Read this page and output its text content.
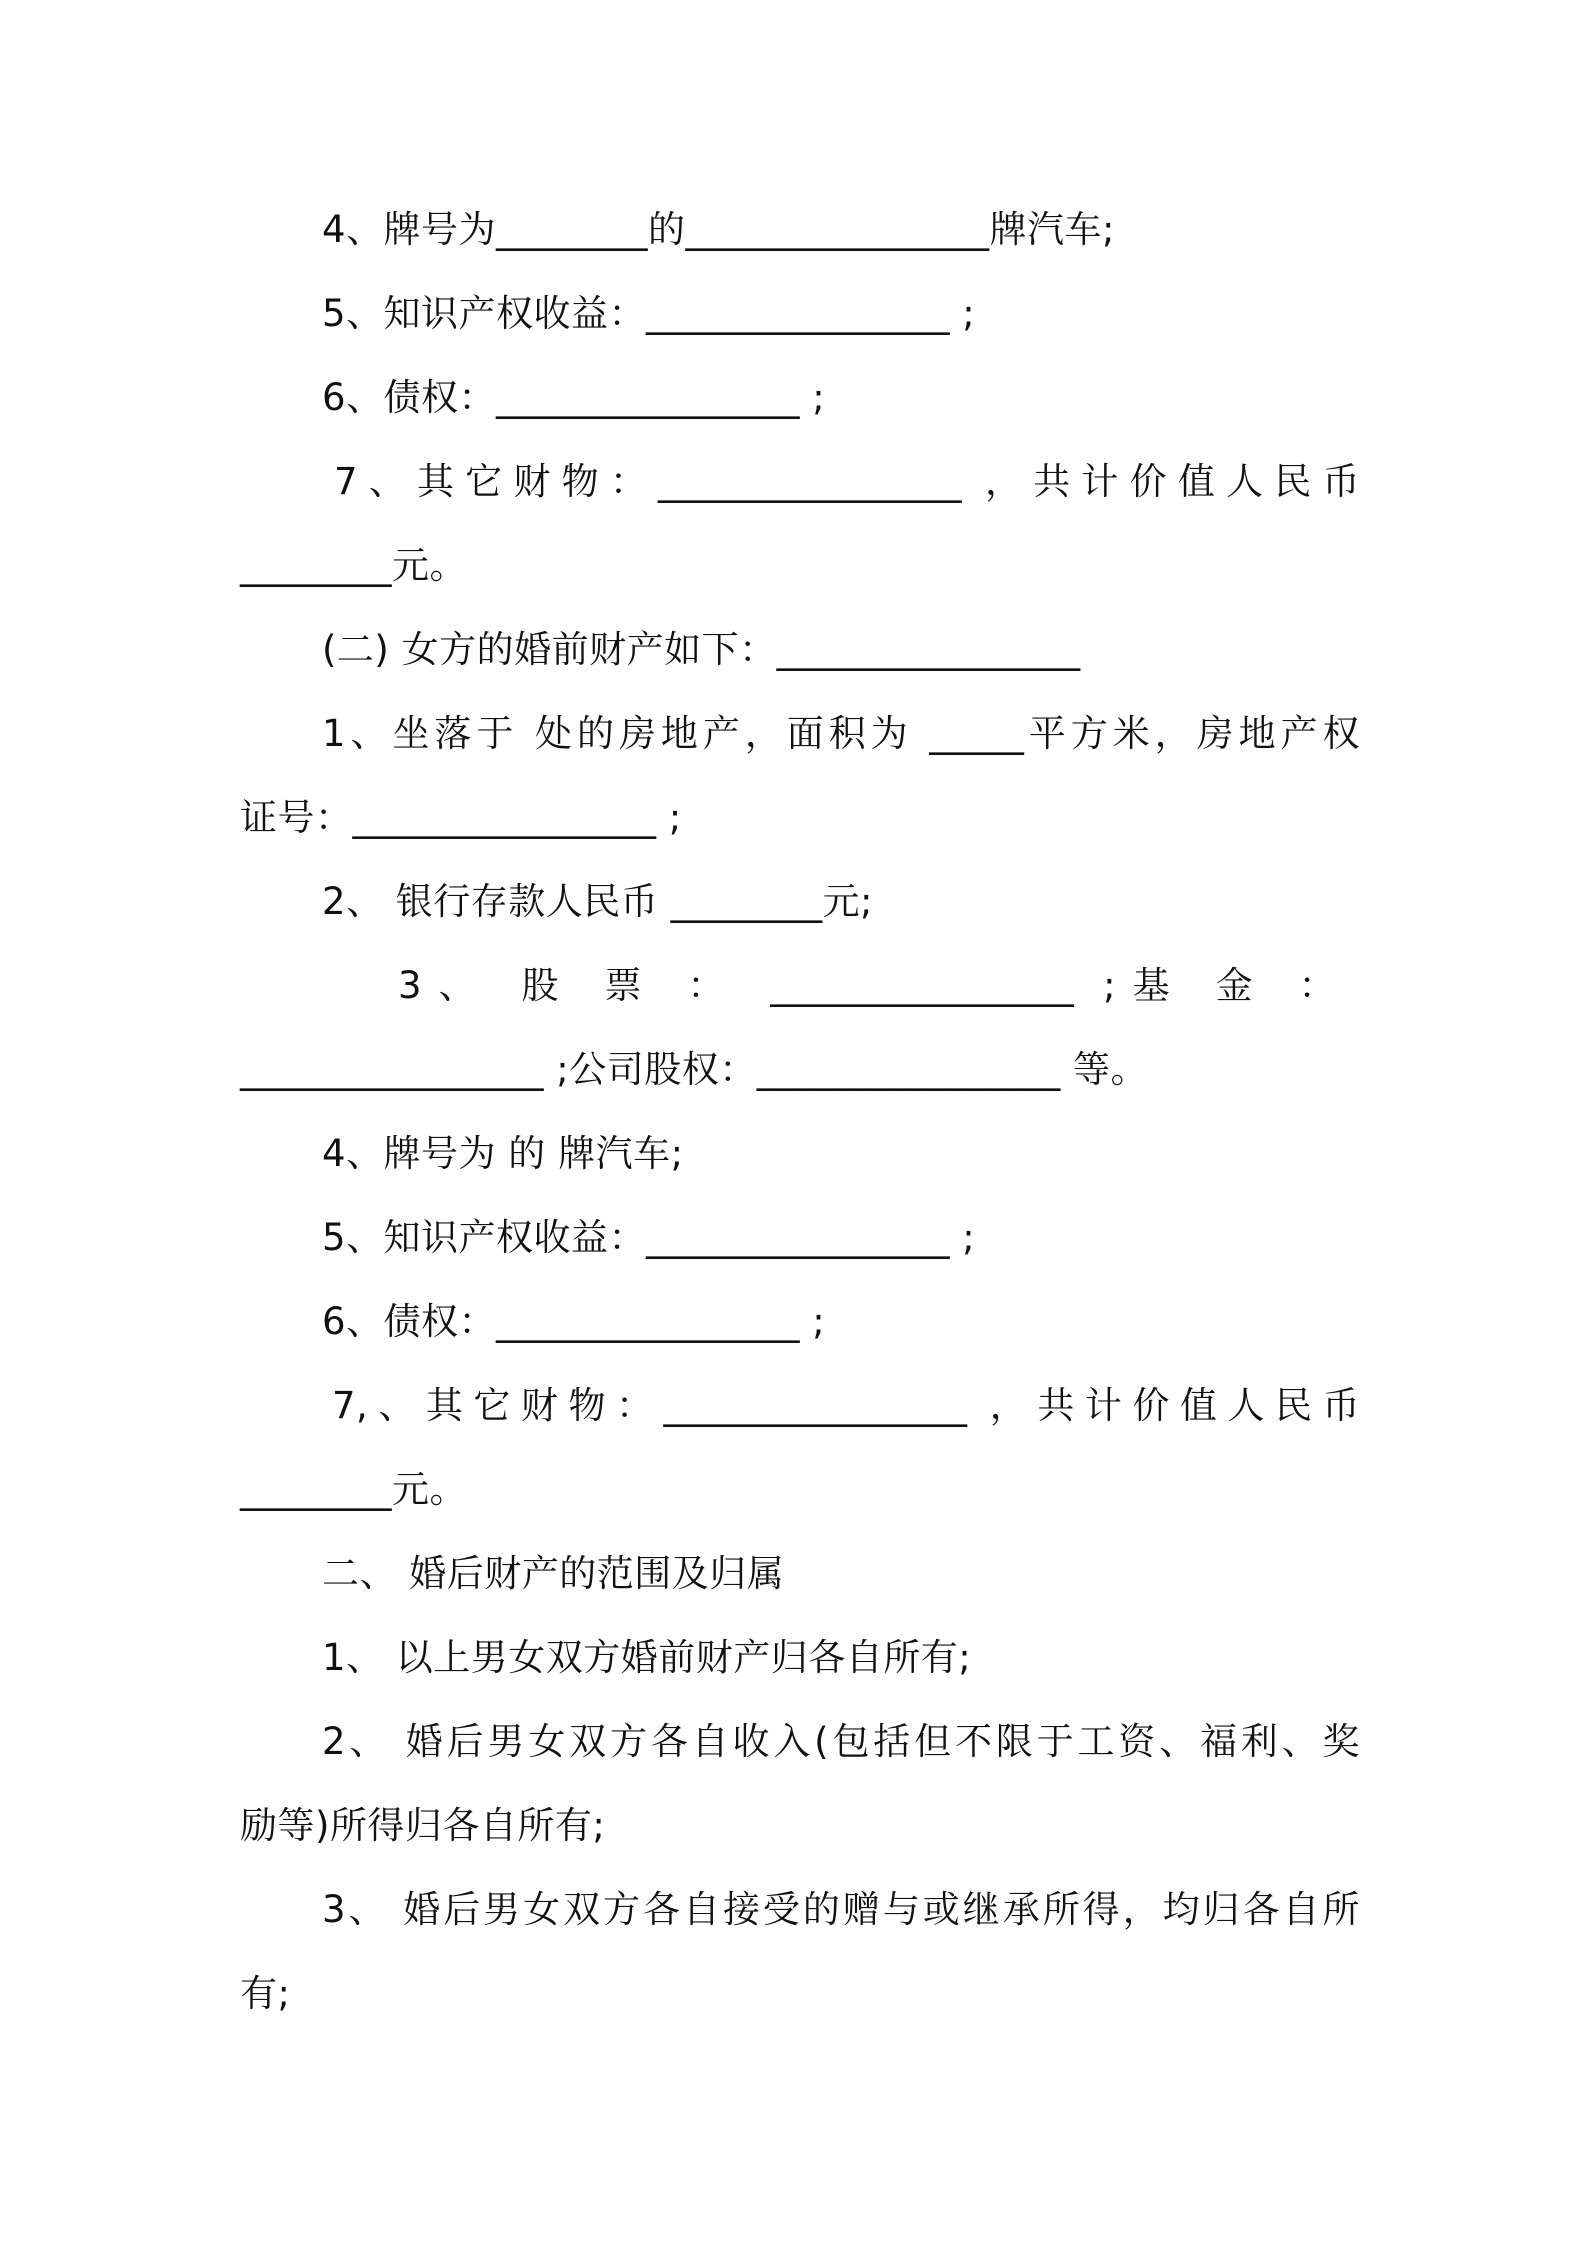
4、牌号为________的________________牌汽车;
5、知识产权收益：________________ ;
6、债权：________________ ;
7、其它财物：________________ ，共计价值人民币
________元。
(二) 女方的婚前财产如下：________________
1、坐落于 处的房地产，面积为 _____平方米，房地产权
证号：________________ ;
2、 银行存款人民币 ________元;
3、 股 票 ： ________________ ;基 金 ：
________________ ;公司股权：________________ 等。
4、牌号为 的 牌汽车;
5、知识产权收益：________________ ;
6、债权：________________ ;
7,、其它财物：________________ ，共计价值人民币
________元。
二、 婚后财产的范围及归属
1、 以上男女双方婚前财产归各自所有;
2、 婚后男女双方各自收入(包括但不限于工资、福利、奖
励等)所得归各自所有;
3、 婚后男女双方各自接受的赠与或继承所得，均归各自所
有;
